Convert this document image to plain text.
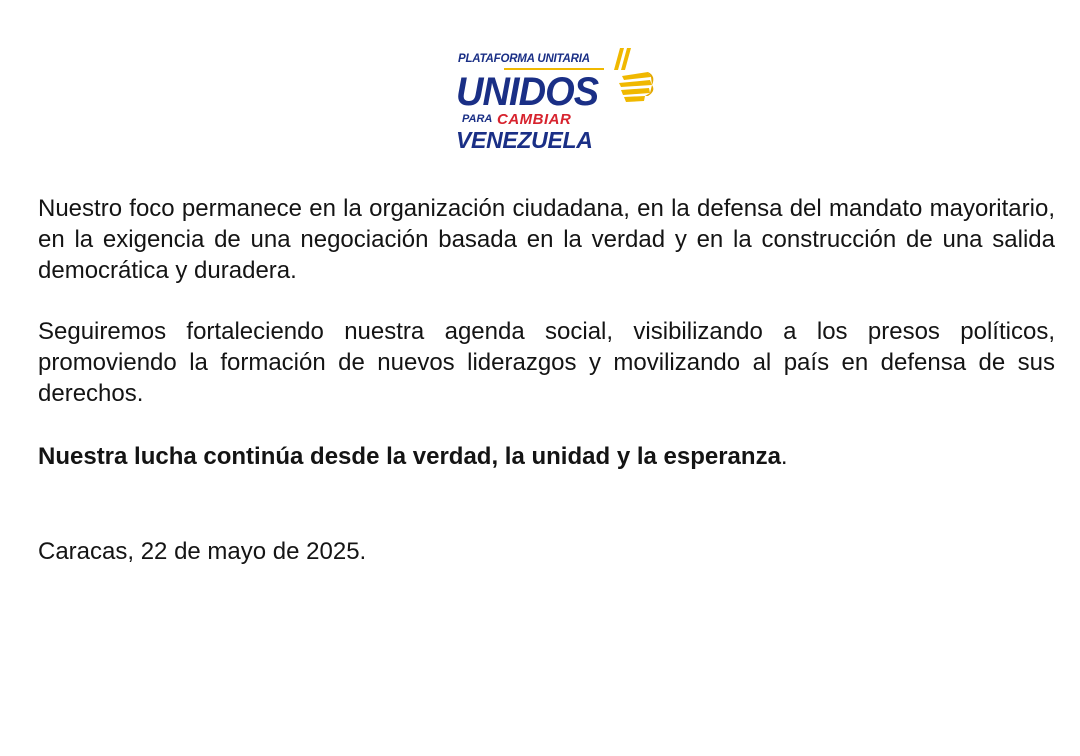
PLATAFORMA UNITARIA
UNIDOS
PARA CAMBIAR
VENEZUELA

Nuestro foco permanece en la organización ciudadana, en la defensa del mandato mayoritario, en la exigencia de una negociación basada en la verdad y en la construcción de una salida democrática y duradera.

Seguiremos fortaleciendo nuestra agenda social, visibilizando a los presos políticos, promoviendo la formación de nuevos liderazgos y movilizando al país en defensa de sus derechos.

Nuestra lucha continúa desde la verdad, la unidad y la esperanza.

Caracas, 22 de mayo de 2025.
